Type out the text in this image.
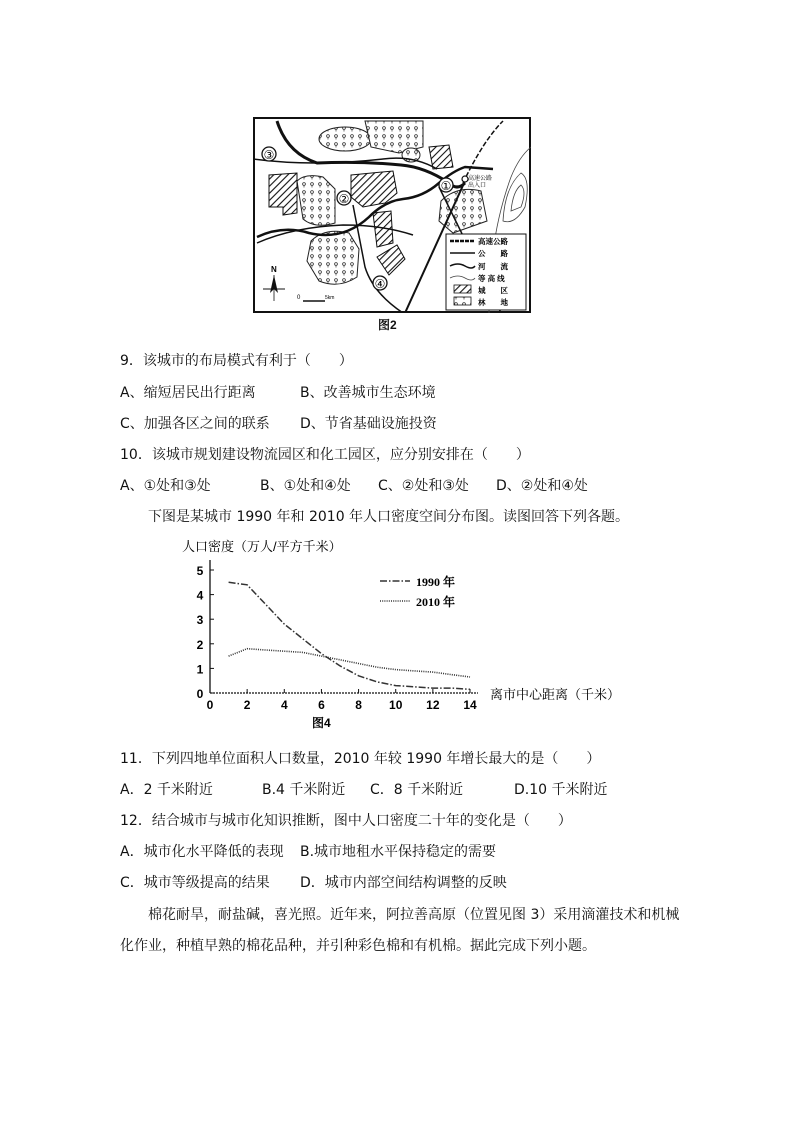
高速公路
出入口
③
②
①
④
N
0	5km
高速公路
公　　路
河　　流
等 高 线
城　　区
林　　地
图2
9．该城市的布局模式有利于（　　）
A、缩短居民出行距离	B、改善城市生态环境
C、加强各区之间的联系 D、节省基础设施投资
10．该城市规划建设物流园区和化工园区，应分别安排在（　　）
A、①处和③处	B、①处和④处 C、②处和③处 D、②处和④处
下图是某城市 1990 年和 2010 年人口密度空间分布图。读图回答下列各题。
人口密度（万人/平方千米）
0
1
2
3
4
5
0	2	4	6	8 10 12 14
离市中心距离（千米）
图4
1990 年
2010 年
11．下列四地单位面积人口数量，2010 年较 1990 年增长最大的是（　　）
A．2 千米附近	B.4 千米附近 C．8 千米附近	D.10 千米附近
12．结合城市与城市化知识推断，图中人口密度二十年的变化是（　　）
A．城市化水平降低的表现 B.城市地租水平保持稳定的需要
C．城市等级提高的结果 D．城市内部空间结构调整的反映

棉花耐旱，耐盐碱，喜光照。近年来，阿拉善高原（位置见图 3）采用滴灌技术和机械

化作业，种植早熟的棉花品种，并引种彩色棉和有机棉。据此完成下列小题。
